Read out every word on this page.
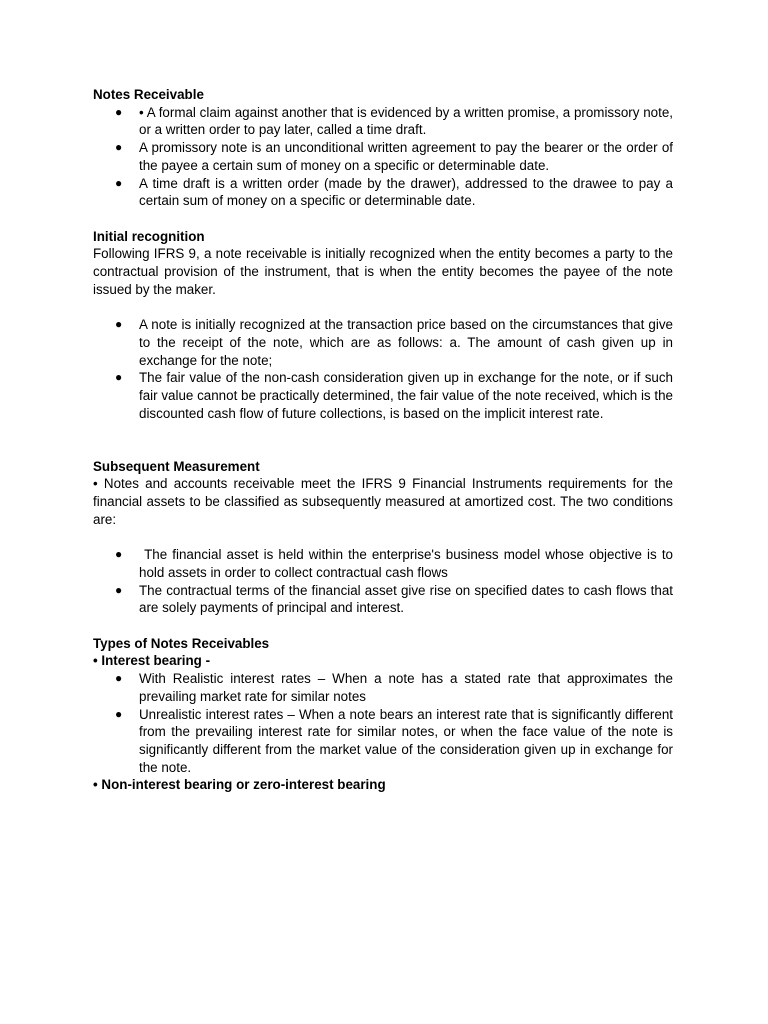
Notes Receivable

● • A formal claim against another that is evidenced by a written promise, a promissory note, or a written order to pay later, called a time draft.
● A promissory note is an unconditional written agreement to pay the bearer or the order of the payee a certain sum of money on a specific or determinable date.
● A time draft is a written order (made by the drawer), addressed to the drawee to pay a certain sum of money on a specific or determinable date.

Initial recognition

Following IFRS 9, a note receivable is initially recognized when the entity becomes a party to the contractual provision of the instrument, that is when the entity becomes the payee of the note issued by the maker.

● A note is initially recognized at the transaction price based on the circumstances that give to the receipt of the note, which are as follows: a. The amount of cash given up in exchange for the note;
● The fair value of the non-cash consideration given up in exchange for the note, or if such fair value cannot be practically determined, the fair value of the note received, which is the discounted cash flow of future collections, is based on the implicit interest rate.

Subsequent Measurement

• Notes and accounts receivable meet the IFRS 9 Financial Instruments requirements for the financial assets to be classified as subsequently measured at amortized cost. The two conditions are:

● The financial asset is held within the enterprise's business model whose objective is to hold assets in order to collect contractual cash flows
● The contractual terms of the financial asset give rise on specified dates to cash flows that are solely payments of principal and interest.

Types of Notes Receivables

• Interest bearing -

● With Realistic interest rates – When a note has a stated rate that approximates the prevailing market rate for similar notes
● Unrealistic interest rates – When a note bears an interest rate that is significantly different from the prevailing interest rate for similar notes, or when the face value of the note is significantly different from the market value of the consideration given up in exchange for the note.

• Non-interest bearing or zero-interest bearing
